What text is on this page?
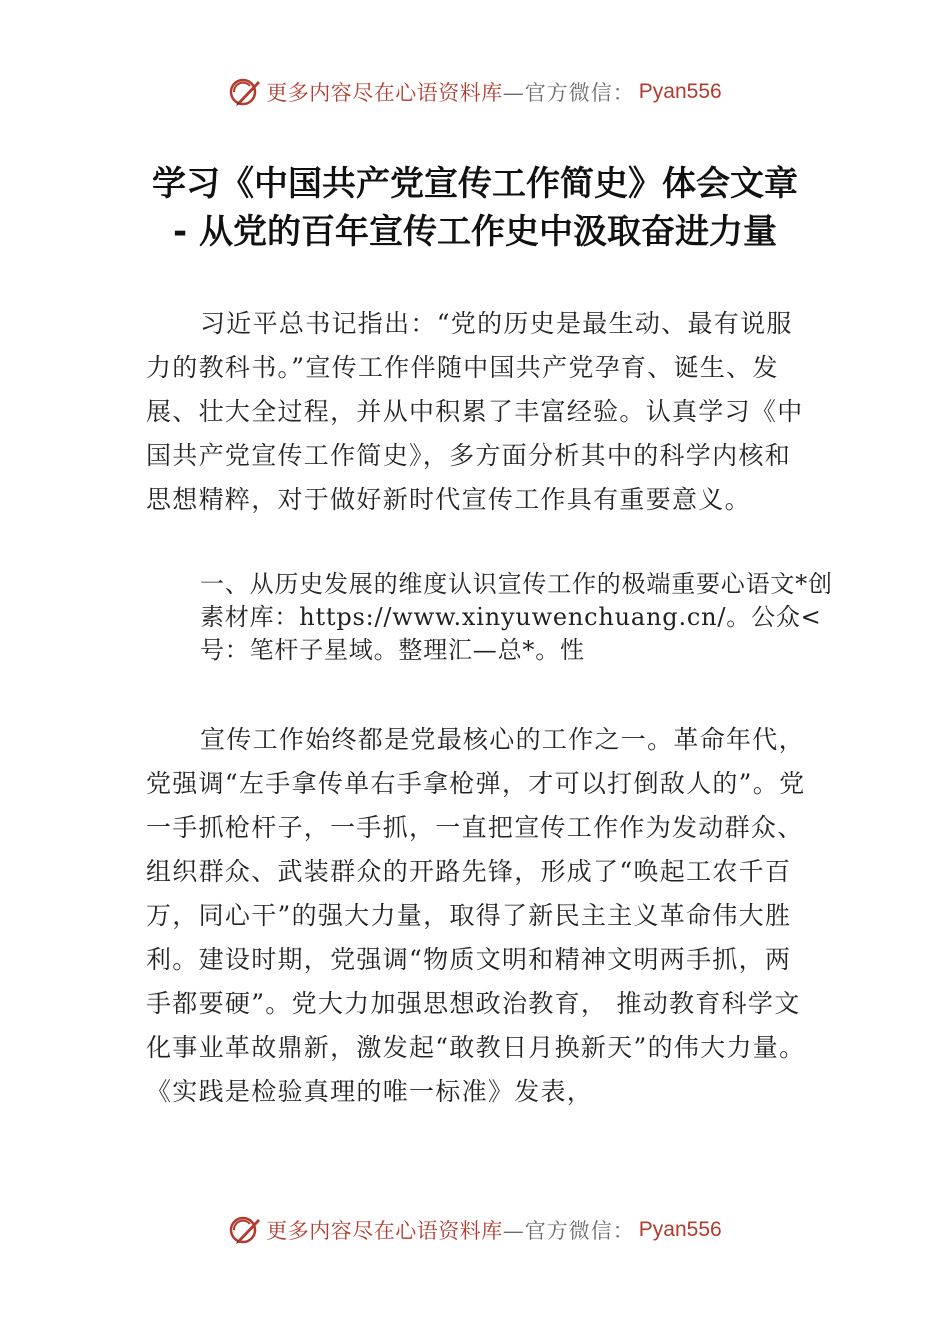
更多内容尽在心语资料库 —官方微信： Pyan556
学习《中国共产党宣传工作简史》体会文章
- 从党的百年宣传工作史中汲取奋进力量

习近平总书记指出：“党的历史是最生动、最有说服力的教科书。”宣传工作伴随中国共产党孕育、诞生、发展、壮大全过程，并从中积累了丰富经验。认真学习《中国共产党宣传工作简史》，多方面分析其中的科学内核和思想精粹，对于做好新时代宣传工作具有重要意义。

一、从历史发展的维度认识宣传工作的极端重要心语文*创素材库：https://www.xinyuwenchuang.cn/。公众<号：笔杆子星域。整理汇—总*。性

宣传工作始终都是党最核心的工作之一。革命年代，党强调“左手拿传单右手拿枪弹，才可以打倒敌人的”。党一手抓枪杆子，一手抓，一直把宣传工作作为发动群众、组织群众、武装群众的开路先锋，形成了“唤起工农千百万，同心干”的强大力量，取得了新民主主义革命伟大胜利。建设时期，党强调“物质文明和精神文明两手抓，两手都要硬”。党大力加强思想政治教育， 推动教育科学文化事业革故鼎新，激发起“敢教日月换新天”的伟大力量。《实践是检验真理的唯一标准》发表，

更多内容尽在心语资料库 —官方微信： Pyan556
